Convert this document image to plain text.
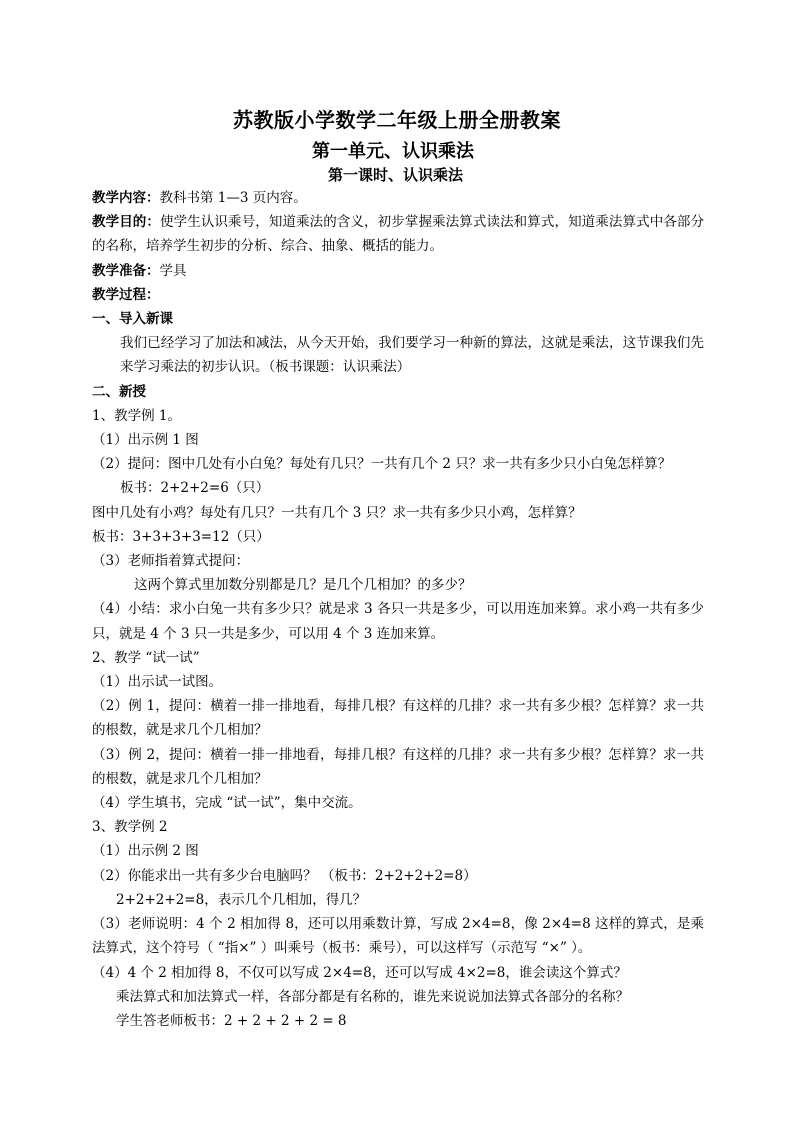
苏教版小学数学二年级上册全册教案
第一单元、认识乘法
第一课时、认识乘法

教学内容：教科书第 1—3 页内容。

教学目的：使学生认识乘号，知道乘法的含义，初步掌握乘法算式读法和算式，知道乘法算式中各部分的名称，培养学生初步的分析、综合、抽象、概括的能力。

教学准备：学具

教学过程：

一、导入新课

我们已经学习了加法和减法，从今天开始，我们要学习一种新的算法，这就是乘法，这节课我们先来学习乘法的初步认识。（板书课题：认识乘法）

二、新授

1、教学例 1。

（1）出示例 1 图

（2）提问：图中几处有小白兔？每处有几只？一共有几个 2 只？求一共有多少只小白兔怎样算？

板书：2+2+2=6（只）

图中几处有小鸡？每处有几只？一共有几个 3 只？求一共有多少只小鸡，怎样算？

板书：3+3+3+3=12（只）

（3）老师指着算式提问：

这两个算式里加数分别都是几？是几个几相加？的多少？

（4）小结：求小白兔一共有多少只？就是求 3 各只一共是多少，可以用连加来算。求小鸡一共有多少只，就是 4 个 3 只一共是多少，可以用 4 个 3 连加来算。

2、教学 “试一试”

（1）出示试一试图。

（2）例 1，提问：横着一排一排地看，每排几根？有这样的几排？求一共有多少根？怎样算？求一共的根数，就是求几个几相加？

（3）例 2，提问：横着一排一排地看，每排几根？有这样的几排？求一共有多少根？怎样算？求一共的根数，就是求几个几相加？

（4）学生填书，完成 “试一试”，集中交流。

3、教学例 2

（1）出示例 2 图

（2）你能求出一共有多少台电脑吗？ （板书：2+2+2+2=8）

2+2+2+2=8，表示几个几相加，得几？

（3）老师说明：4 个 2 相加得 8，还可以用乘数计算，写成 2×4=8，像 2×4=8 这样的算式，是乘法算式，这个符号（ “指×” ）叫乘号（板书：乘号），可以这样写（示范写 “×” ）。

（4）4 个 2 相加得 8，不仅可以写成 2×4=8，还可以写成 4×2=8，谁会读这个算式？

乘法算式和加法算式一样，各部分都是有名称的，谁先来说说加法算式各部分的名称？

学生答老师板书：2 + 2 + 2 + 2 = 8
